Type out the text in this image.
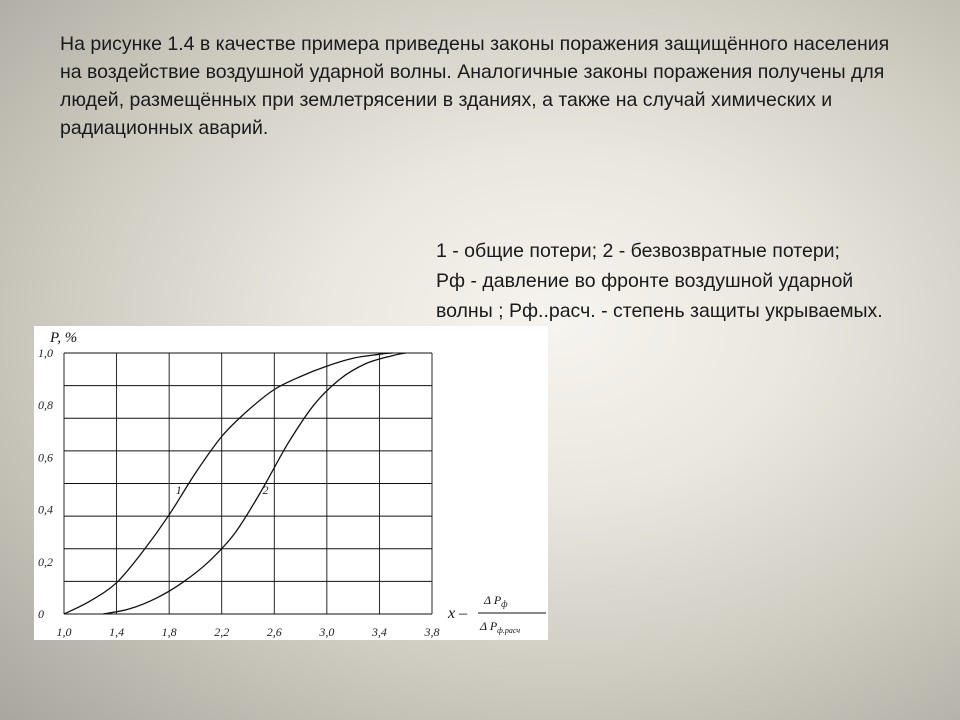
На рисунке 1.4 в качестве примера приведены законы поражения защищённого населения
на воздействие воздушной ударной волны. Аналогичные законы поражения получены для
людей, размещённых при землетрясении в зданиях, а также на случай химических и
радиационных аварий.
1 - общие потери; 2 - безвозвратные потери;
Рф - давление во фронте воздушной ударной
волны ; Рф..расч. - степень защиты укрываемых.
1,0	1,4	1,8	2,2	2,6	3,0	3,4	3,8
0
0,2
0,4
0,6
0,8
1,0
1	2
P, %
x –
Δ $P_ф$
Δ $P_{ф.расч}$
